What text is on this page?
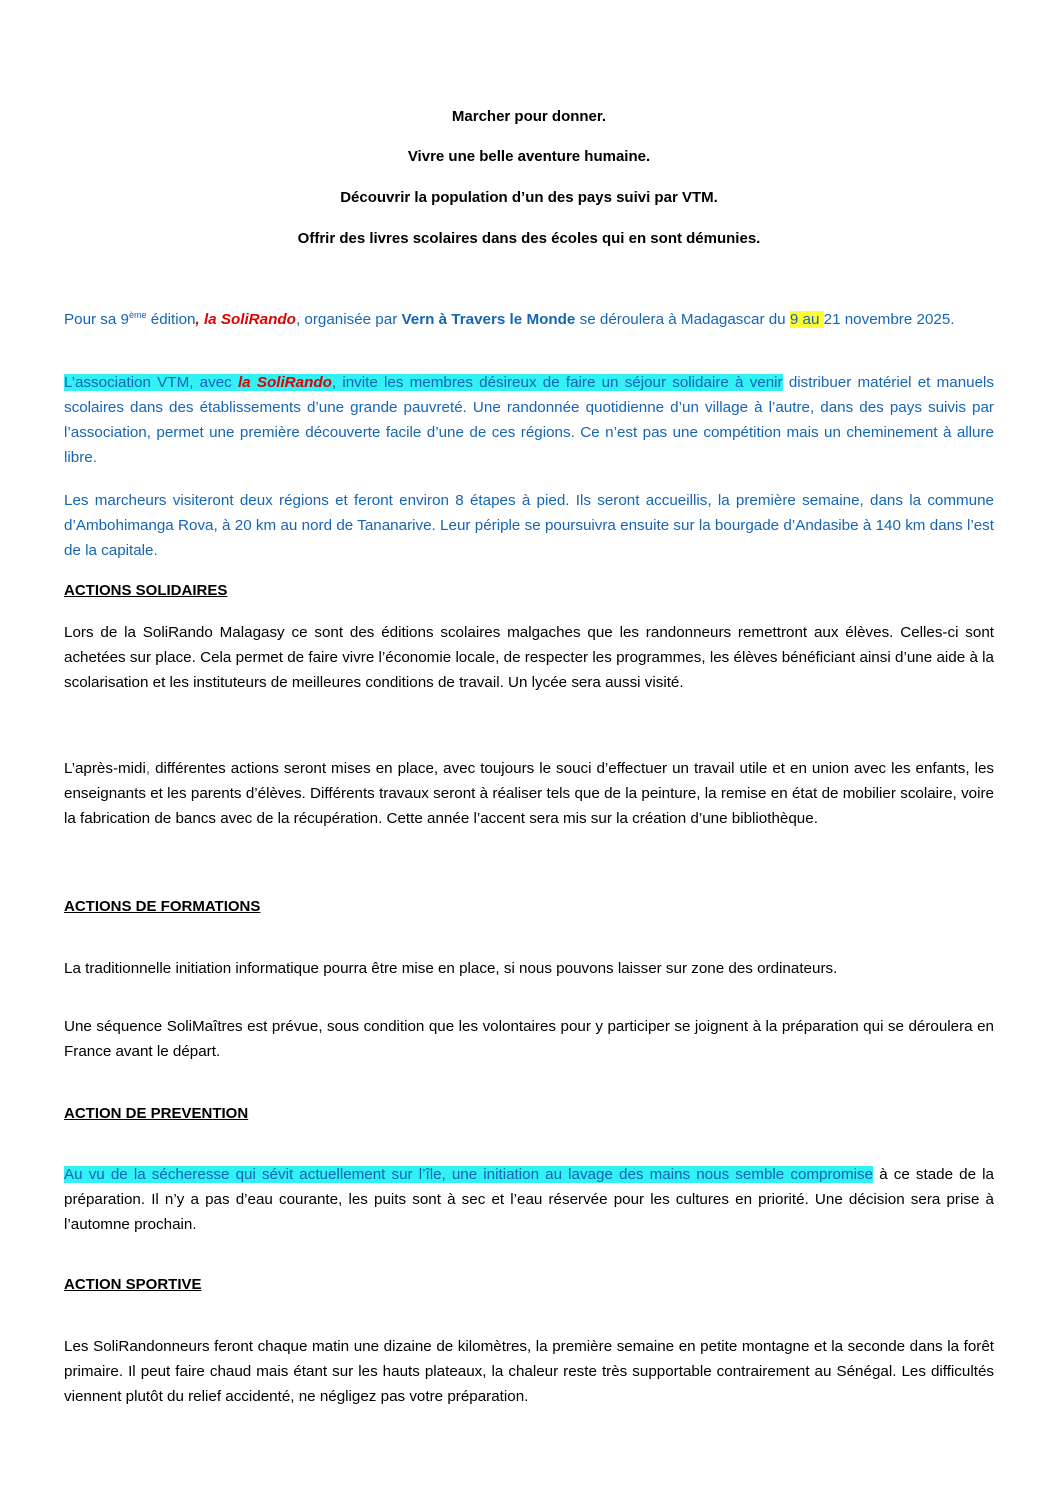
Marcher pour donner.
Vivre une belle aventure humaine.
Découvrir la population d’un des pays suivi par VTM.
Offrir des livres scolaires dans des écoles qui en sont démunies.

Pour sa 9ème édition, la SoliRando, organisée par Vern à Travers le Monde se déroulera à Madagascar du 9 au 21 novembre 2025.

L’association VTM, avec la SoliRando, invite les membres désireux de faire un séjour solidaire à venir distribuer matériel et manuels scolaires dans des établissements d’une grande pauvreté. Une randonnée quotidienne d’un village à l’autre, dans des pays suivis par l’association, permet une première découverte facile d’une de ces régions. Ce n’est pas une compétition mais un cheminement à allure libre.

Les marcheurs visiteront deux régions et feront environ 8 étapes à pied. Ils seront accueillis, la première semaine, dans la commune d’Ambohimanga Rova, à 20 km au nord de Tananarive. Leur périple se poursuivra ensuite sur la bourgade d’Andasibe à 140 km dans l’est de la capitale.

ACTIONS SOLIDAIRES

Lors de la SoliRando Malagasy ce sont des éditions scolaires malgaches que les randonneurs remettront aux élèves. Celles-ci sont achetées sur place. Cela permet de faire vivre l’économie locale, de respecter les programmes, les élèves bénéficiant ainsi d’une aide à la scolarisation et les instituteurs de meilleures conditions de travail. Un lycée sera aussi visité.

L’après-midi, différentes actions seront mises en place, avec toujours le souci d’effectuer un travail utile et en union avec les enfants, les enseignants et les parents d’élèves. Différents travaux seront à réaliser tels que de la peinture, la remise en état de mobilier scolaire, voire la fabrication de bancs avec de la récupération. Cette année l’accent sera mis sur la création d’une bibliothèque.

ACTIONS DE FORMATIONS

La traditionnelle initiation informatique pourra être mise en place, si nous pouvons laisser sur zone des ordinateurs.

Une séquence SoliMaîtres est prévue, sous condition que les volontaires pour y participer se joignent à la préparation qui se déroulera en France avant le départ.

ACTION DE PREVENTION

Au vu de la sécheresse qui sévit actuellement sur l’île, une initiation au lavage des mains nous semble compromise à ce stade de la préparation. Il n’y a pas d’eau courante, les puits sont à sec et l’eau réservée pour les cultures en priorité. Une décision sera prise à l’automne prochain.

ACTION SPORTIVE

Les SoliRandonneurs feront chaque matin une dizaine de kilomètres, la première semaine en petite montagne et la seconde dans la forêt primaire. Il peut faire chaud mais étant sur les hauts plateaux, la chaleur reste très supportable contrairement au Sénégal. Les difficultés viennent plutôt du relief accidenté, ne négligez pas votre préparation.
